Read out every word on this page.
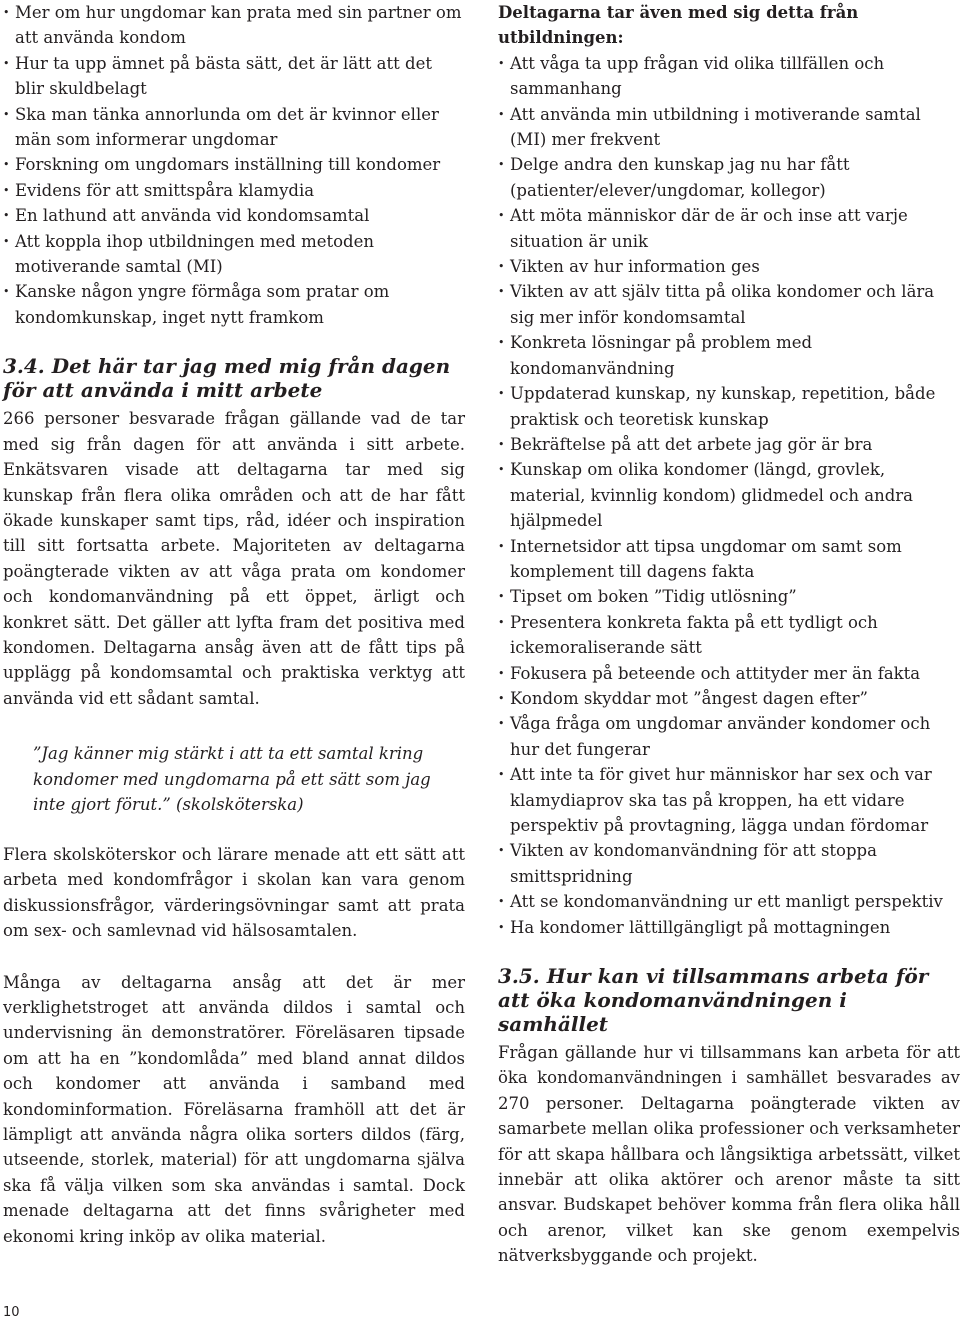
• Mer om hur ungdomar kan prata med sin partner om att använda kondom
• Hur ta upp ämnet på bästa sätt, det är lätt att det blir skuldbelagt
• Ska man tänka annorlunda om det är kvinnor eller män som informerar ungdomar
• Forskning om ungdomars inställning till kondomer
• Evidens för att smittspåra klamydia
• En lathund att använda vid kondomsamtal
• Att koppla ihop utbildningen med metoden motiverande samtal (MI)
• Kanske någon yngre förmåga som pratar om kondomkunskap, inget nytt framkom
3.4. Det här tar jag med mig från dagen för att använda i mitt arbete

266 personer besvarade frågan gällande vad de tar med sig från dagen för att använda i sitt arbete. Enkätsvaren visade att deltagarna tar med sig kunskap från flera olika områden och att de har fått ökade kunskaper samt tips, råd, idéer och inspiration till sitt fortsatta arbete. Majoriteten av deltagarna poängterade vikten av att våga prata om kondomer och kondomanvändning på ett öppet, ärligt och konkret sätt. Det gäller att lyfta fram det positiva med kondomen. Deltagarna ansåg även att de fått tips på upplägg på kondomsamtal och praktiska verktyg att använda vid ett sådant samtal.

”Jag känner mig stärkt i att ta ett samtal kring kondomer med ungdomarna på ett sätt som jag inte gjort förut.” (skolsköterska)

Flera skolsköterskor och lärare menade att ett sätt att arbeta med kondomfrågor i skolan kan vara genom diskussionsfrågor, värderingsövningar samt att prata om sex- och samlevnad vid hälsosamtalen.

Många av deltagarna ansåg att det är mer verklighetstroget att använda dildos i samtal och undervisning än demonstratörer. Föreläsaren tipsade om att ha en ”kondomlåda” med bland annat dildos och kondomer att använda i samband med kondominformation. Föreläsarna framhöll att det är lämpligt att använda några olika sorters dildos (färg, utseende, storlek, material) för att ungdomarna själva ska få välja vilken som ska användas i samtal. Dock menade deltagarna att det finns svårigheter med ekonomi kring inköp av olika material.

Deltagarna tar även med sig detta från utbildningen:

• Att våga ta upp frågan vid olika tillfällen och sammanhang
• Att använda min utbildning i motiverande samtal (MI) mer frekvent
• Delge andra den kunskap jag nu har fått (patienter/elever/ungdomar, kollegor)
• Att möta människor där de är och inse att varje situation är unik
• Vikten av hur information ges
• Vikten av att själv titta på olika kondomer och lära sig mer inför kondomsamtal
• Konkreta lösningar på problem med kondomanvändning
• Uppdaterad kunskap, ny kunskap, repetition, både praktisk och teoretisk kunskap
• Bekräftelse på att det arbete jag gör är bra
• Kunskap om olika kondomer (längd, grovlek, material, kvinnlig kondom) glidmedel och andra hjälpmedel
• Internetsidor att tipsa ungdomar om samt som komplement till dagens fakta
• Tipset om boken ”Tidig utlösning”
• Presentera konkreta fakta på ett tydligt och ickemoraliserande sätt
• Fokusera på beteende och attityder mer än fakta
• Kondom skyddar mot ”ångest dagen efter”
• Våga fråga om ungdomar använder kondomer och hur det fungerar
• Att inte ta för givet hur människor har sex och var klamydiaprov ska tas på kroppen, ha ett vidare perspektiv på provtagning, lägga undan fördomar
• Vikten av kondomanvändning för att stoppa smittspridning
• Att se kondomanvändning ur ett manligt perspektiv
• Ha kondomer lättillgängligt på mottagningen
3.5. Hur kan vi tillsammans arbeta för att öka kondomanvändningen i samhället

Frågan gällande hur vi tillsammans kan arbeta för att öka kondomanvändningen i samhället besvarades av 270 personer. Deltagarna poängterade vikten av samarbete mellan olika professioner och verksamheter för att skapa hållbara och långsiktiga arbetssätt, vilket innebär att olika aktörer och arenor måste ta sitt ansvar. Budskapet behöver komma från flera olika håll och arenor, vilket kan ske genom exempelvis nätverksbyggande och projekt.

10
